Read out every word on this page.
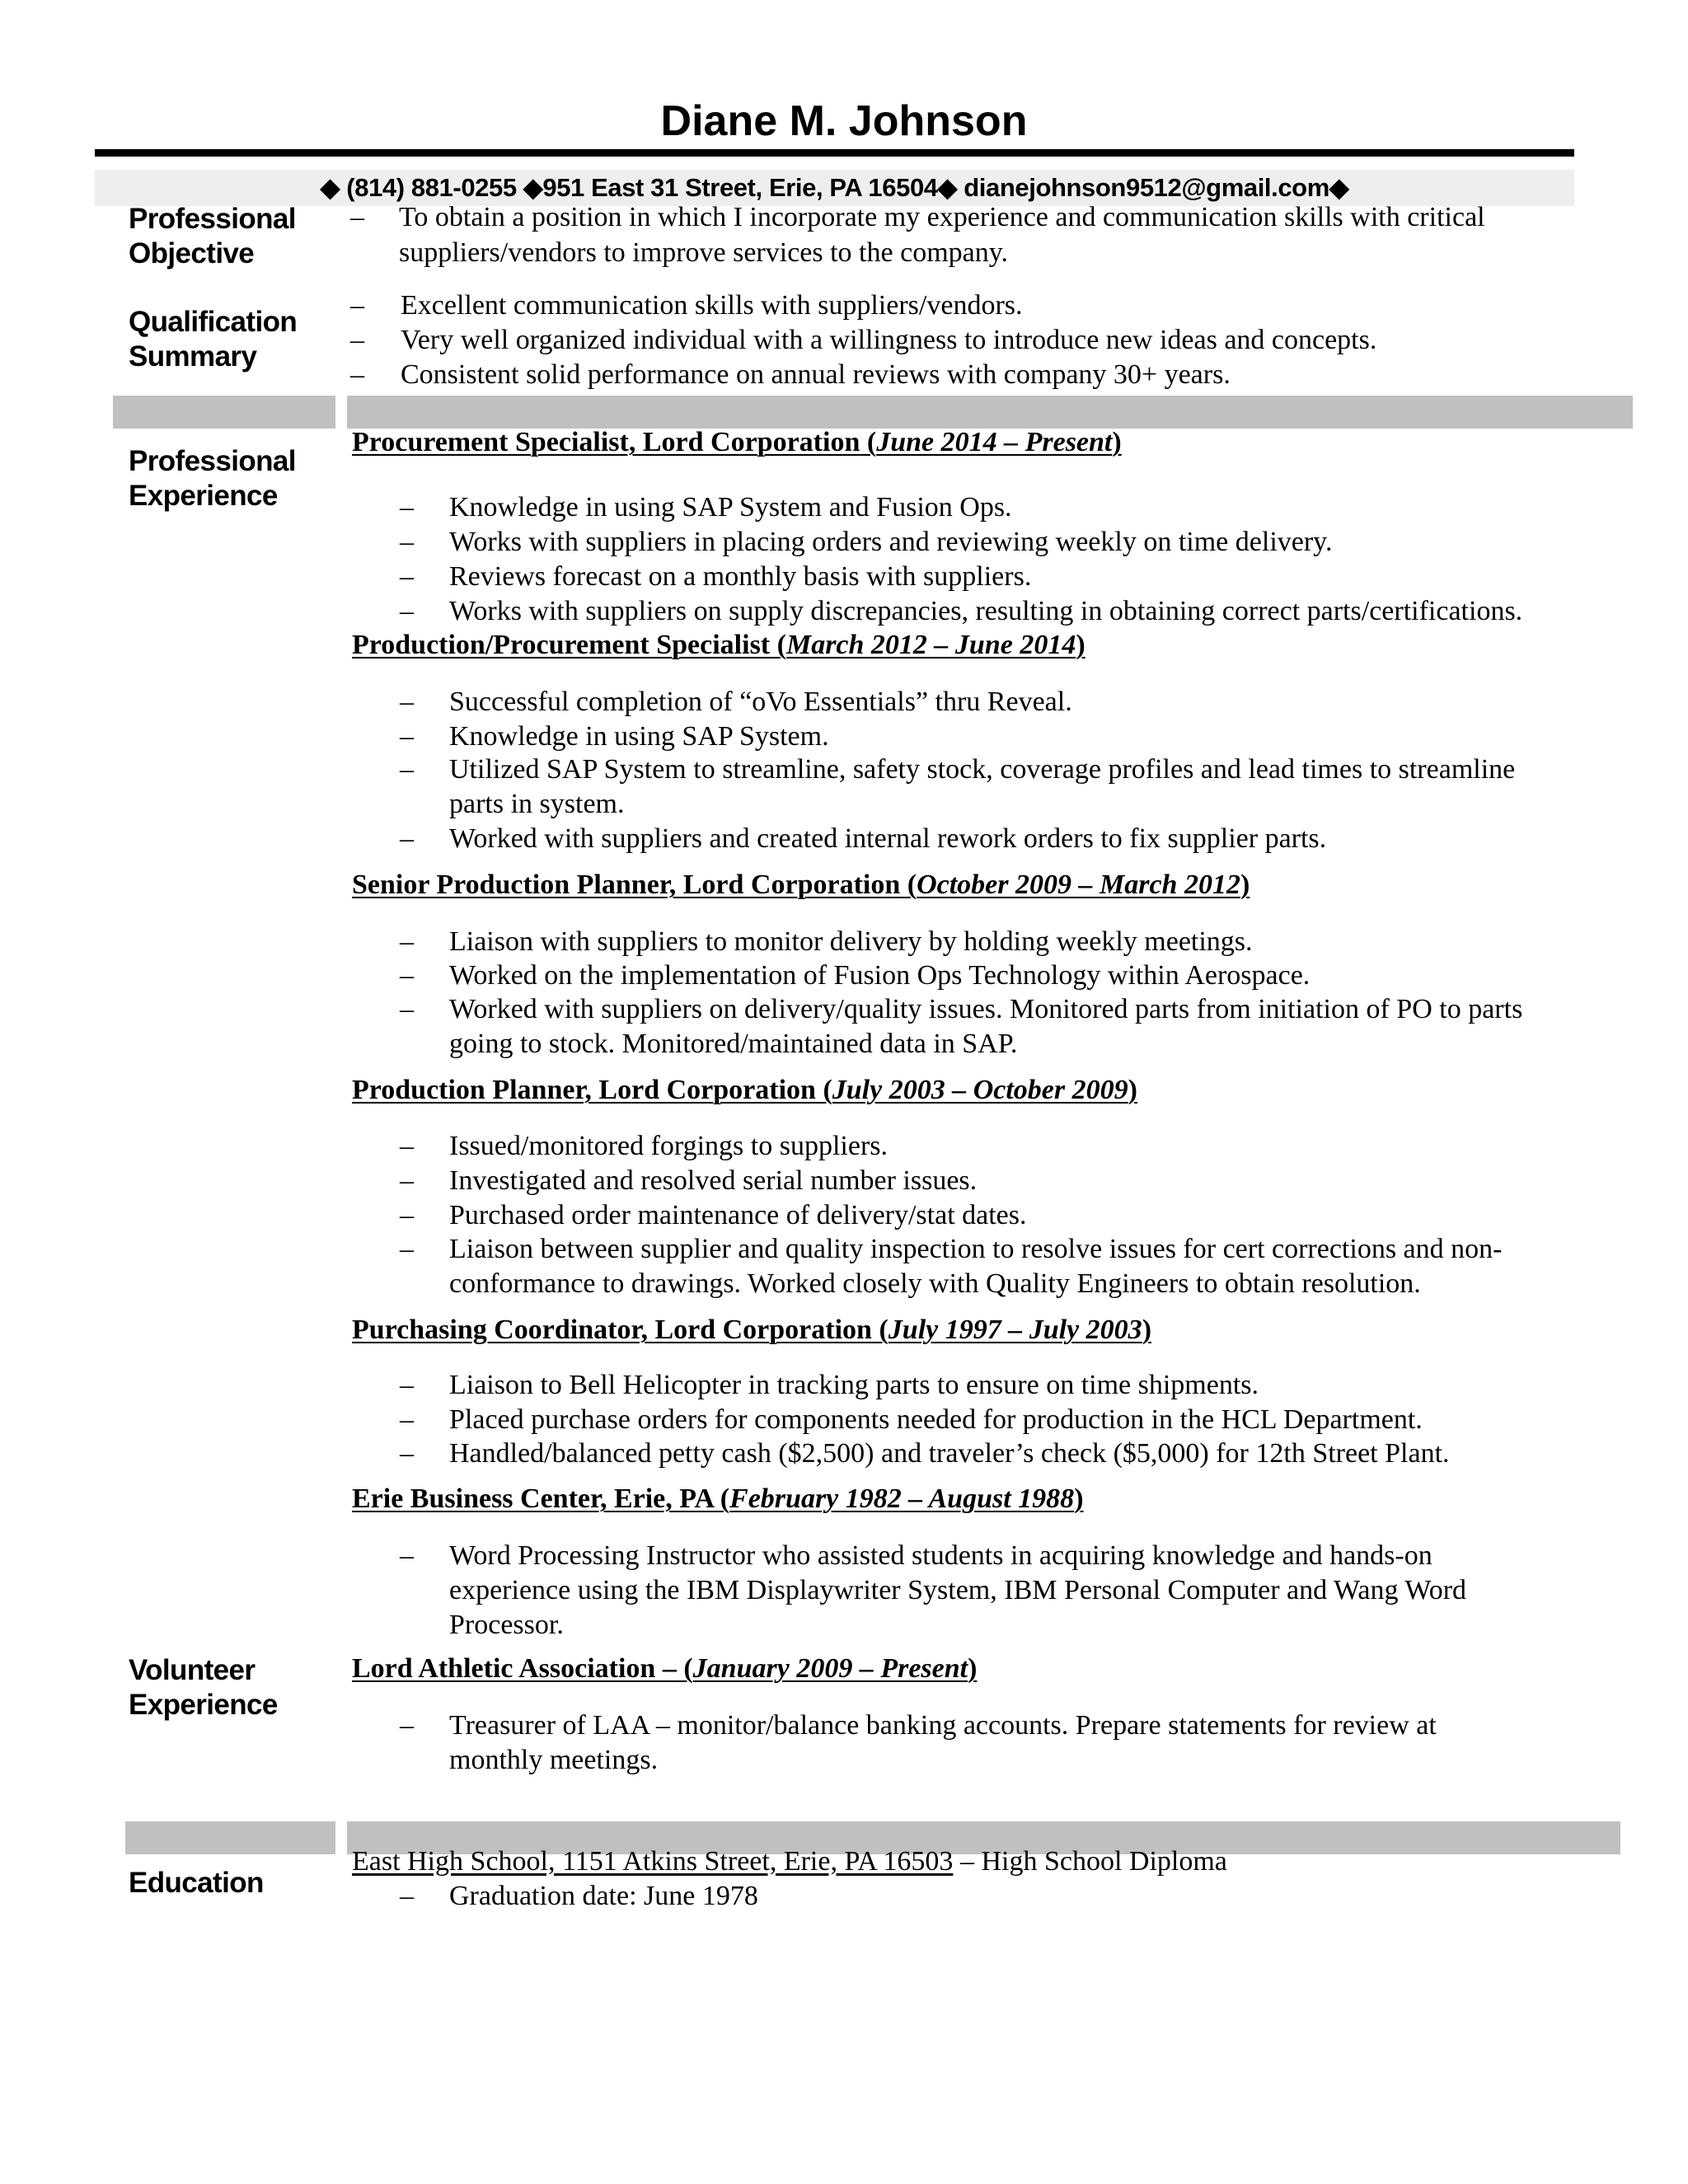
Diane M. Johnson
◆ (814) 881-0255 ◆951 East 31 Street, Erie, PA 16504◆ dianejohnson9512@gmail.com◆
Professional
Objective
Qualification
Summary
Professional
Experience
Volunteer
Experience
Education
– To obtain a position in which I incorporate my experience and communication skills with critical
suppliers/vendors to improve services to the company.
– Excellent communication skills with suppliers/vendors.
– Very well organized individual with a willingness to introduce new ideas and concepts.
– Consistent solid performance on annual reviews with company 30+ years.
Procurement Specialist, Lord Corporation (June 2014 – Present)
– Knowledge in using SAP System and Fusion Ops.
– Works with suppliers in placing orders and reviewing weekly on time delivery.
– Reviews forecast on a monthly basis with suppliers.
– Works with suppliers on supply discrepancies, resulting in obtaining correct parts/certifications.
Production/Procurement Specialist (March 2012 – June 2014)
– Successful completion of “oVo Essentials” thru Reveal.
– Knowledge in using SAP System.
– Utilized SAP System to streamline, safety stock, coverage profiles and lead times to streamline
parts in system.
– Worked with suppliers and created internal rework orders to fix supplier parts.
Senior Production Planner, Lord Corporation (October 2009 – March 2012)
– Liaison with suppliers to monitor delivery by holding weekly meetings.
– Worked on the implementation of Fusion Ops Technology within Aerospace.
– Worked with suppliers on delivery/quality issues. Monitored parts from initiation of PO to parts
going to stock. Monitored/maintained data in SAP.
Production Planner, Lord Corporation (July 2003 – October 2009)
– Issued/monitored forgings to suppliers.
– Investigated and resolved serial number issues.
– Purchased order maintenance of delivery/stat dates.
– Liaison between supplier and quality inspection to resolve issues for cert corrections and non-
conformance to drawings. Worked closely with Quality Engineers to obtain resolution.
Purchasing Coordinator, Lord Corporation (July 1997 – July 2003)
– Liaison to Bell Helicopter in tracking parts to ensure on time shipments.
– Placed purchase orders for components needed for production in the HCL Department.
– Handled/balanced petty cash ($2,500) and traveler’s check ($5,000) for 12th Street Plant.
Erie Business Center, Erie, PA (February 1982 – August 1988)
– Word Processing Instructor who assisted students in acquiring knowledge and hands-on
experience using the IBM Displaywriter System, IBM Personal Computer and Wang Word
Processor.
Lord Athletic Association – (January 2009 – Present)
– Treasurer of LAA – monitor/balance banking accounts. Prepare statements for review at
monthly meetings.
East High School, 1151 Atkins Street, Erie, PA 16503 – High School Diploma
– Graduation date: June 1978
